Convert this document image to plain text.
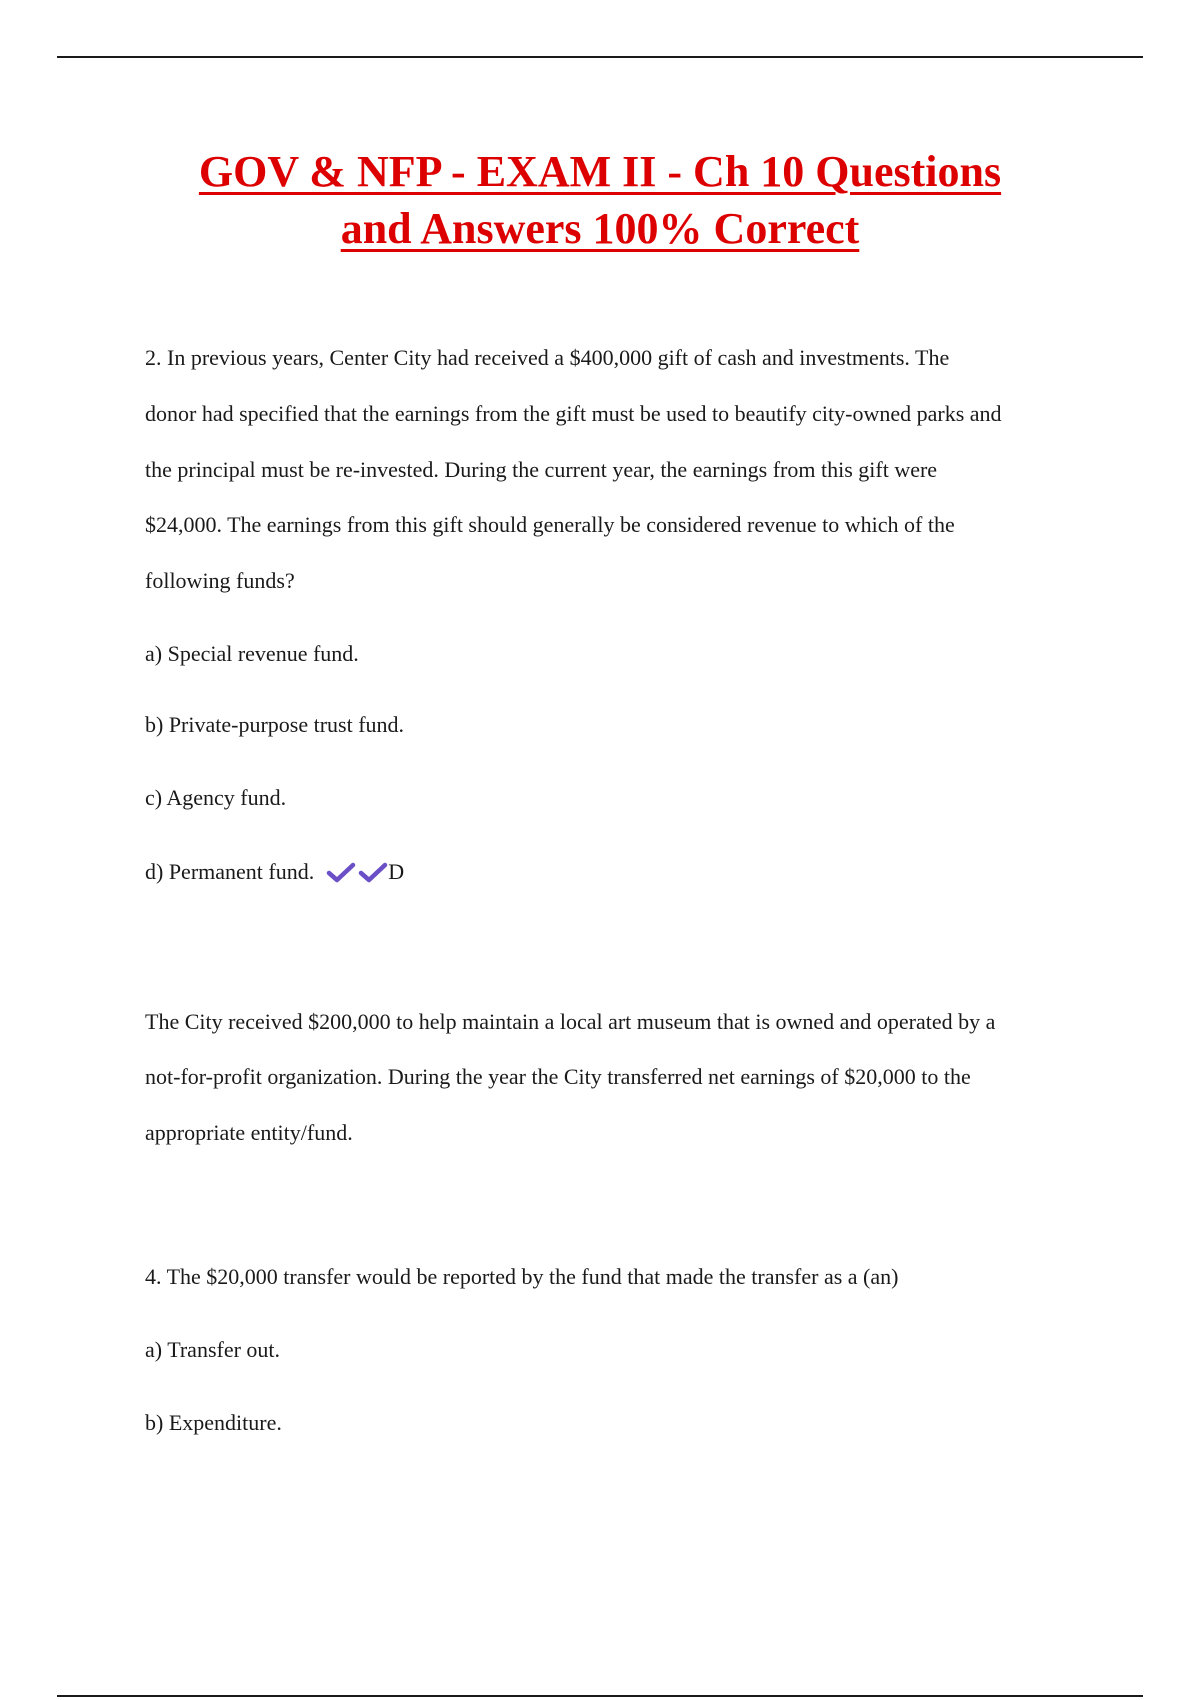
GOV & NFP - EXAM II - Ch 10 Questions
and Answers 100% Correct

2. In previous years, Center City had received a $400,000 gift of cash and investments. The

donor had specified that the earnings from the gift must be used to beautify city-owned parks and

the principal must be re-invested. During the current year, the earnings from this gift were

$24,000. The earnings from this gift should generally be considered revenue to which of the

following funds?

a) Special revenue fund.

b) Private-purpose trust fund.

c) Agency fund.

d) Permanent fund.	D

The City received $200,000 to help maintain a local art museum that is owned and operated by a

not-for-profit organization. During the year the City transferred net earnings of $20,000 to the

appropriate entity/fund.

4. The $20,000 transfer would be reported by the fund that made the transfer as a (an)

a) Transfer out.

b) Expenditure.
